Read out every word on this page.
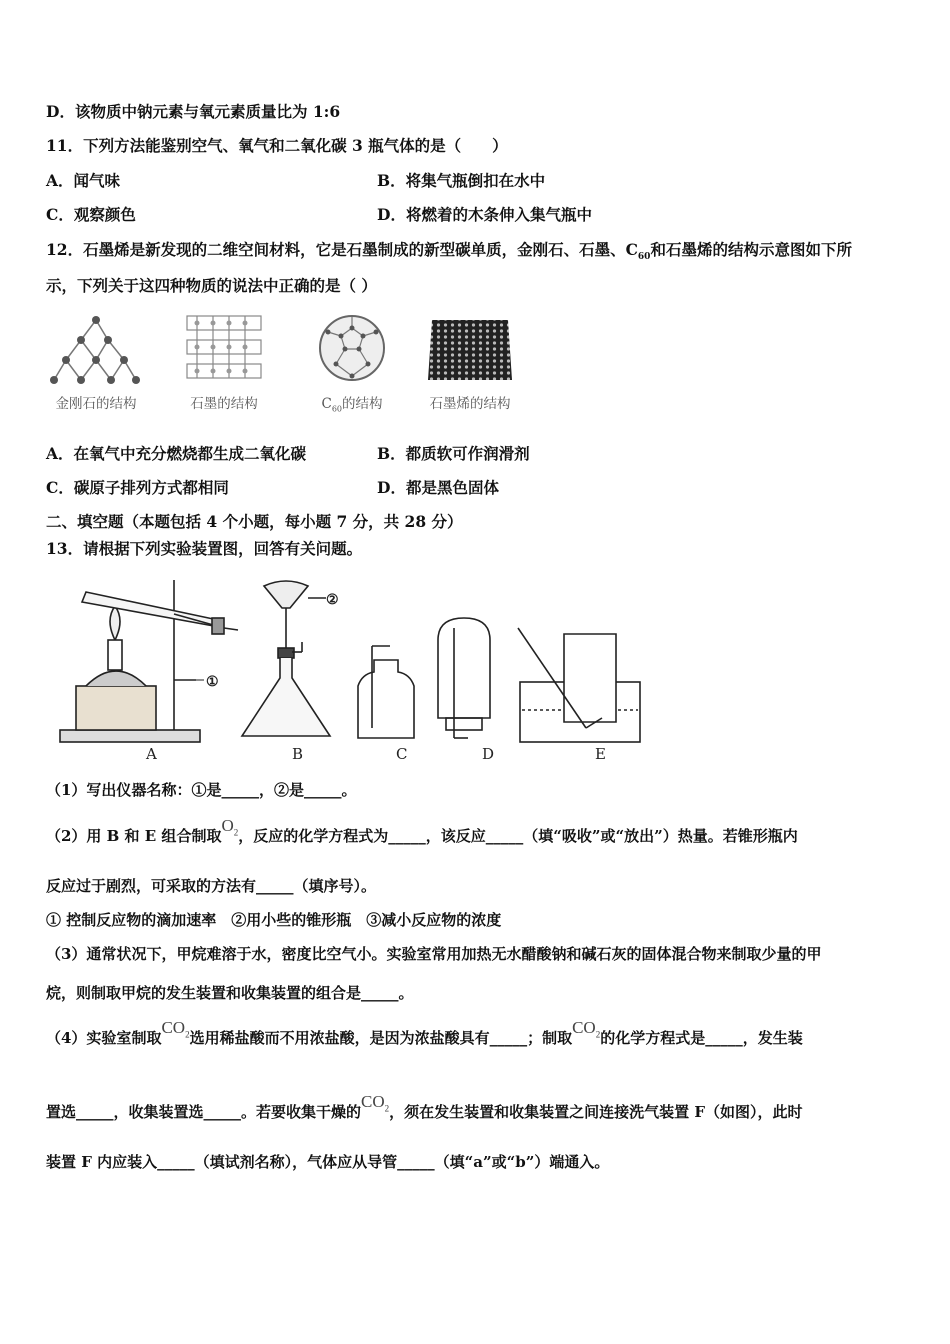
D．该物质中钠元素与氧元素质量比为 1:6
11．下列方法能鉴别空气、氧气和二氧化碳 3 瓶气体的是（　　）
A．闻气味	B．将集气瓶倒扣在水中
C．观察颜色	D．将燃着的木条伸入集气瓶中
12．石墨烯是新发现的二维空间材料，它是石墨制成的新型碳单质，金刚石、石墨、$C_{60}$和石墨烯的结构示意图如下所
示，下列关于这四种物质的说法中正确的是（ ）
金刚石的结构	石墨的结构	$C_{60}$的结构	石墨烯的结构
A．在氧气中充分燃烧都生成二氧化碳	B．都质软可作润滑剂
C．碳原子排列方式都相同	D．都是黑色固体
二、填空题（本题包括 4 个小题，每小题 7 分，共 28 分）
13．请根据下列实验装置图，回答有关问题。
①
②
A	B	C	D	E
（1）写出仪器名称：①是_____，②是_____。
（2）用 B 和 E 组合制取$O_2$，反应的化学方程式为_____，该反应_____（填“吸收”或“放出”）热量。若锥形瓶内
反应过于剧烈，可采取的方法有_____（填序号）。
① 控制反应物的滴加速率　②用小些的锥形瓶　③减小反应物的浓度
（3）通常状况下，甲烷难溶于水，密度比空气小。实验室常用加热无水醋酸钠和碱石灰的固体混合物来制取少量的甲
烷，则制取甲烷的发生装置和收集装置的组合是_____。
（4）实验室制取$CO_2$选用稀盐酸而不用浓盐酸，是因为浓盐酸具有_____；制取$CO_2$的化学方程式是_____，发生装
置选_____，收集装置选_____。若要收集干燥的$CO_2$，须在发生装置和收集装置之间连接洗气装置 F（如图），此时
装置 F 内应装入_____（填试剂名称），气体应从导管_____（填“a”或“b”）端通入。
